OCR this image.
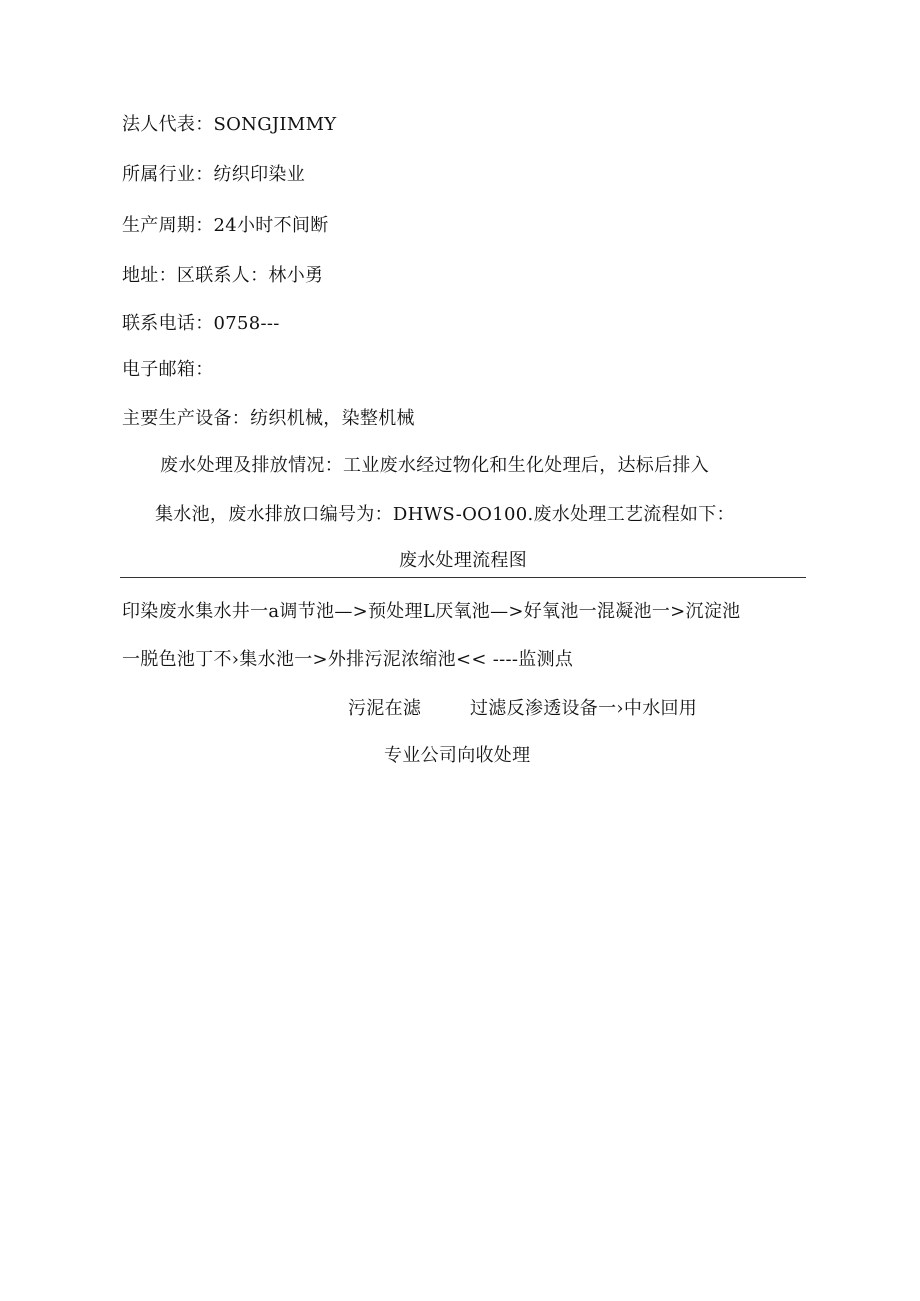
法人代表：SONGJIMMY
所属行业：纺织印染业
生产周期：24小时不间断
地址：区联系人：林小勇
联系电话：0758---
电子邮箱：
主要生产设备：纺织机械，染整机械
废水处理及排放情况：工业废水经过物化和生化处理后，达标后排入
集水池，废水排放口编号为：DHWS-OO100.废水处理工艺流程如下：
废水处理流程图
印染废水集水井一a调节池—>预处理L厌氧池—>好氧池一混凝池一>沉淀池
一脱色池丁不›集水池一>外排污泥浓缩池<< ----监测点
污泥在滤	过滤反渗透设备一›中水回用
专业公司向收处理
